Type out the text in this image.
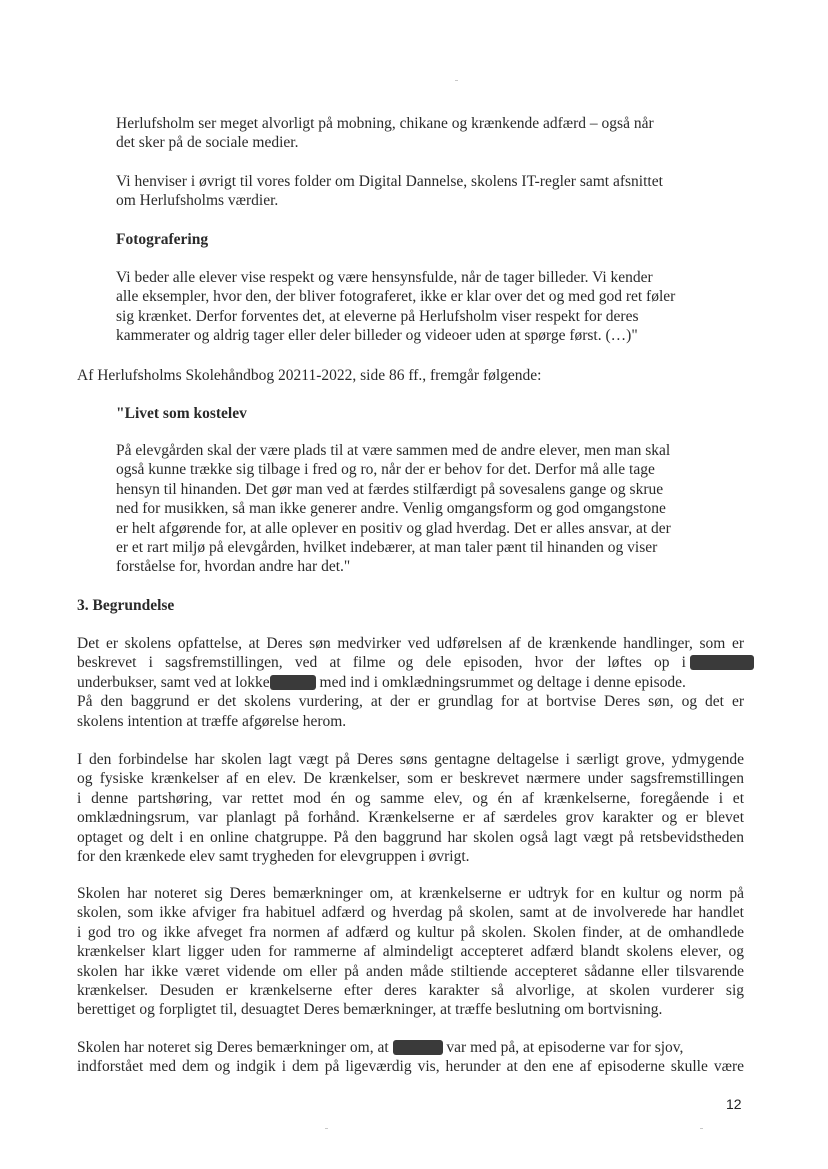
Herlufsholm ser meget alvorligt på mobning, chikane og krænkende adfærd – også når
det sker på de sociale medier.
Vi henviser i øvrigt til vores folder om Digital Dannelse, skolens IT-regler samt afsnittet
om Herlufsholms værdier.
Fotografering
Vi beder alle elever vise respekt og være hensynsfulde, når de tager billeder. Vi kender
alle eksempler, hvor den, der bliver fotograferet, ikke er klar over det og med god ret føler
sig krænket. Derfor forventes det, at eleverne på Herlufsholm viser respekt for deres
kammerater og aldrig tager eller deler billeder og videoer uden at spørge først. (…)"
Af Herlufsholms Skolehåndbog 20211-2022, side 86 ff., fremgår følgende:
"Livet som kostelev
På elevgården skal der være plads til at være sammen med de andre elever, men man skal
også kunne trække sig tilbage i fred og ro, når der er behov for det. Derfor må alle tage
hensyn til hinanden. Det gør man ved at færdes stilfærdigt på sovesalens gange og skrue
ned for musikken, så man ikke generer andre. Venlig omgangsform og god omgangstone
er helt afgørende for, at alle oplever en positiv og glad hverdag. Det er alles ansvar, at der
er et rart miljø på elevgården, hvilket indebærer, at man taler pænt til hinanden og viser
forståelse for, hvordan andre har det."
3. Begrundelse
Det er skolens opfattelse, at Deres søn medvirker ved udførelsen af de krænkende handlinger, som er
beskrevet i sagsfremstillingen, ved at filme og dele episoden, hvor der løftes op i
underbukser, samt ved at lokke	med ind i omklædningsrummet og deltage i denne episode.
På den baggrund er det skolens vurdering, at der er grundlag for at bortvise Deres søn, og det er
skolens intention at træffe afgørelse herom.
I den forbindelse har skolen lagt vægt på Deres søns gentagne deltagelse i særligt grove, ydmygende
og fysiske krænkelser af en elev. De krænkelser, som er beskrevet nærmere under sagsfremstillingen
i denne partshøring, var rettet mod én og samme elev, og én af krænkelserne, foregående i et
omklædningsrum, var planlagt på forhånd. Krænkelserne er af særdeles grov karakter og er blevet
optaget og delt i en online chatgruppe. På den baggrund har skolen også lagt vægt på retsbevidstheden
for den krænkede elev samt trygheden for elevgruppen i øvrigt.
Skolen har noteret sig Deres bemærkninger om, at krænkelserne er udtryk for en kultur og norm på
skolen, som ikke afviger fra habituel adfærd og hverdag på skolen, samt at de involverede har handlet
i god tro og ikke afveget fra normen af adfærd og kultur på skolen. Skolen finder, at de omhandlede
krænkelser klart ligger uden for rammerne af almindeligt accepteret adfærd blandt skolens elever, og
skolen har ikke været vidende om eller på anden måde stiltiende accepteret sådanne eller tilsvarende
krænkelser. Desuden er krænkelserne efter deres karakter så alvorlige, at skolen vurderer sig
berettiget og forpligtet til, desuagtet Deres bemærkninger, at træffe beslutning om bortvisning.
Skolen har noteret sig Deres bemærkninger om, at	var med på, at episoderne var for sjov,
indforstået med dem og indgik i dem på ligeværdig vis, herunder at den ene af episoderne skulle være
12
